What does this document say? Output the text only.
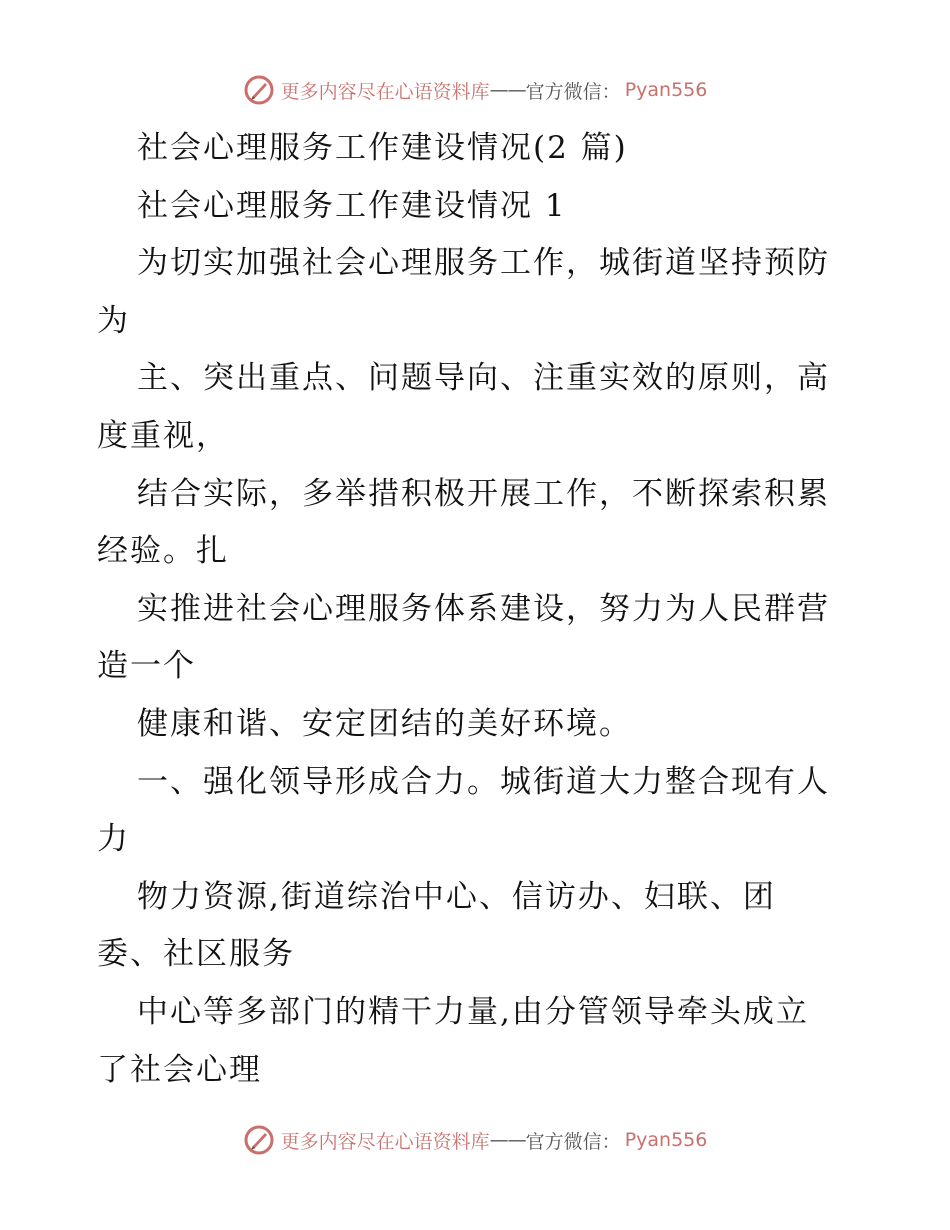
更多内容尽在心语资料库 —— 官方微信： Pyan556
社会心理服务工作建设情况(2 篇)
社会心理服务工作建设情况 1
为切实加强社会心理服务工作，城街道坚持预防
为
主、突出重点、问题导向、注重实效的原则，高
度重视，
结合实际，多举措积极开展工作，不断探索积累
经验。扎
实推进社会心理服务体系建设，努力为人民群营
造一个
健康和谐、安定团结的美好环境。
一、强化领导形成合力。城街道大力整合现有人
力
物力资源,街道综治中心、信访办、妇联、团
委、社区服务
中心等多部门的精干力量,由分管领导牵头成立
了社会心理
更多内容尽在心语资料库 —— 官方微信： Pyan556
